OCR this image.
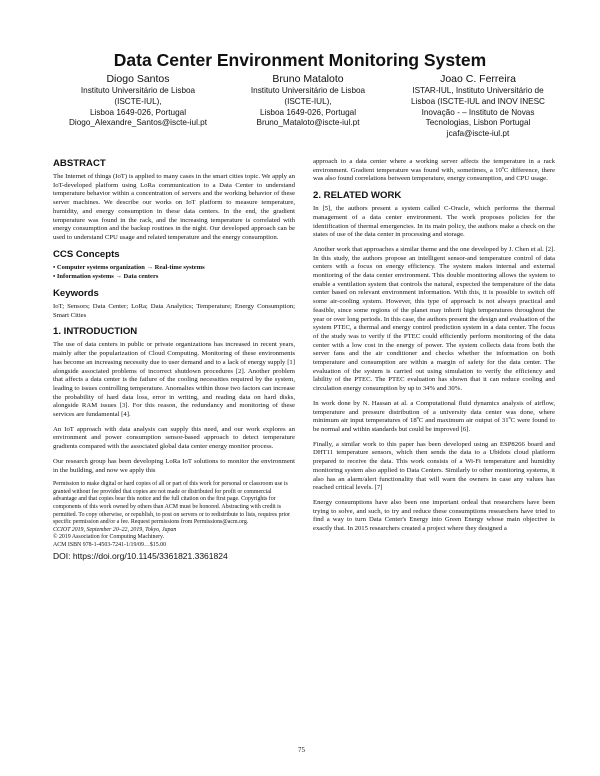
Data Center Environment Monitoring System
Diogo Santos
Instituto Universitário de Lisboa
(ISCTE-IUL),
Lisboa 1649-026, Portugal
Diogo_Alexandre_Santos@iscte-iul.pt
Bruno Mataloto
Instituto Universitário de Lisboa
(ISCTE-IUL),
Lisboa 1649-026, Portugal
Bruno_Mataloto@iscte-iul.pt
Joao C. Ferreira
ISTAR-IUL, Instituto Universitário de
Lisboa (ISCTE-IUL and INOV INESC
Inovação - – Instituto de Novas
Tecnologias, Lisbon Portugal
jcafa@iscte-iul.pt
ABSTRACT

The Internet of things (IoT) is applied to many cases in the smart cities topic. We apply an IoT-developed platform using LoRa communication to a Data Center to understand temperature behavior within a concentration of servers and the working behavior of these server machines. We describe our works on IoT platform to measure temperature, humidity, and energy consumption in these data centers. In the end, the gradient temperature was found in the rack, and the increasing temperature is correlated with energy consumption and the backup routines in the night. Our developed approach can be used to understand CPU usage and related temperature and the energy consumption.

CCS Concepts
• Computer systems organization → Real-time systems
• Information systems → Data centers
Keywords

IoT; Sensors; Data Center; LoRa; Data Analytics; Temperature; Energy Consumption; Smart Cities

1. INTRODUCTION

The use of data centers in public or private organizations has increased in recent years, mainly after the popularization of Cloud Computing. Monitoring of these environments has become an increasing necessity due to user demand and to a lack of energy supply [1] alongside associated problems of incorrect shutdown procedures [2]. Another problem that affects a data center is the failure of the cooling necessities required by the system, leading to issues controlling temperature. Anomalies within those two factors can increase the probability of hard data loss, error in writing, and reading data on hard disks, alongside RAM issues [3]. For this reason, the redundancy and monitoring of these services are fundamental [4].

An IoT approach with data analysis can supply this need, and our work explores an environment and power consumption sensor-based approach to detect temperature gradients compared with the associated global data center energy monitor process.

Our research group has been developing LoRa IoT solutions to monitor the environment in the building, and now we apply this

Permission to make digital or hard copies of all or part of this work for personal or classroom use is granted without fee provided that copies are not made or distributed for profit or commercial advantage and that copies bear this notice and the full citation on the first page. Copyrights for components of this work owned by others than ACM must be honored. Abstracting with credit is permitted. To copy otherwise, or republish, to post on servers or to redistribute to lists, requires prior specific permission and/or a fee. Request permissions from Permissions@acm.org.
CCIOT 2019, September 20–22, 2019, Tokyo, Japan
© 2019 Association for Computing Machinery.
ACM ISBN 978-1-4503-7241-1/19/09…$15.00
DOI: https://doi.org/10.1145/3361821.3361824

approach to a data center where a working server affects the temperature in a rack environment. Gradient temperature was found with, sometimes, a 10ºC difference, there was also found correlations between temperature, energy consumption, and CPU usage.

2. RELATED WORK

In [5], the authors present a system called C-Oracle, which performs the thermal management of a data center environment. The work proposes policies for the identification of thermal emergencies. In its main policy, the authors make a check on the states of use of the data center in processing and storage.

Another work that approaches a similar theme and the one developed by J. Chen et al. [2]. In this study, the authors propose an intelligent sensor-and temperature control of data centers with a focus on energy efficiency. The system makes internal and external monitoring of the data center environment. This double monitoring allows the system to enable a ventilation system that controls the natural, expected the temperature of the data center based on relevant environment information. With this, it is possible to switch off some air-cooling system. However, this type of approach is not always practical and feasible, since some regions of the planet may inherit high temperatures throughout the year or over long periods. In this case, the authors present the design and evaluation of the system PTEC, a thermal and energy control prediction system in a data center. The focus of the study was to verify if the PTEC could efficiently perform monitoring of the data center with a low cost in the energy of power. The system collects data from both the server fans and the air conditioner and checks whether the information on both temperature and consumption are within a margin of safety for the data center. The evaluation of the system is carried out using simulation to verify the efficiency and lability of the PTEC. The PTEC evaluation has shown that it can reduce cooling and circulation energy consumption by up to 34% and 30%.

In work done by N. Hassan at al. a Computational fluid dynamics analysis of airflow, temperature and pressure distribution of a university data center was done, where minimum air input temperatures of 18ºC and maximum air output of 31ºC were found to be normal and within standards but could be improved [6].

Finally, a similar work to this paper has been developed using an ESP8266 board and DHT11 temperature sensors, which then sends the data to a Ubidots cloud platform prepared to receive the data. This work consists of a Wi-Fi temperature and humidity monitoring system also applied to Data Centers. Similarly to other monitoring systems, it also has an alarm/alert functionality that will warn the owners in case any values has reached critical levels. [7]

Energy consumptions have also been one important ordeal that researchers have been trying to solve, and such, to try and reduce these consumptions researchers have tried to find a way to turn Data Center's Energy into Green Energy whose main objective is exactly that. In 2015 researchers created a project where they designed a

75
